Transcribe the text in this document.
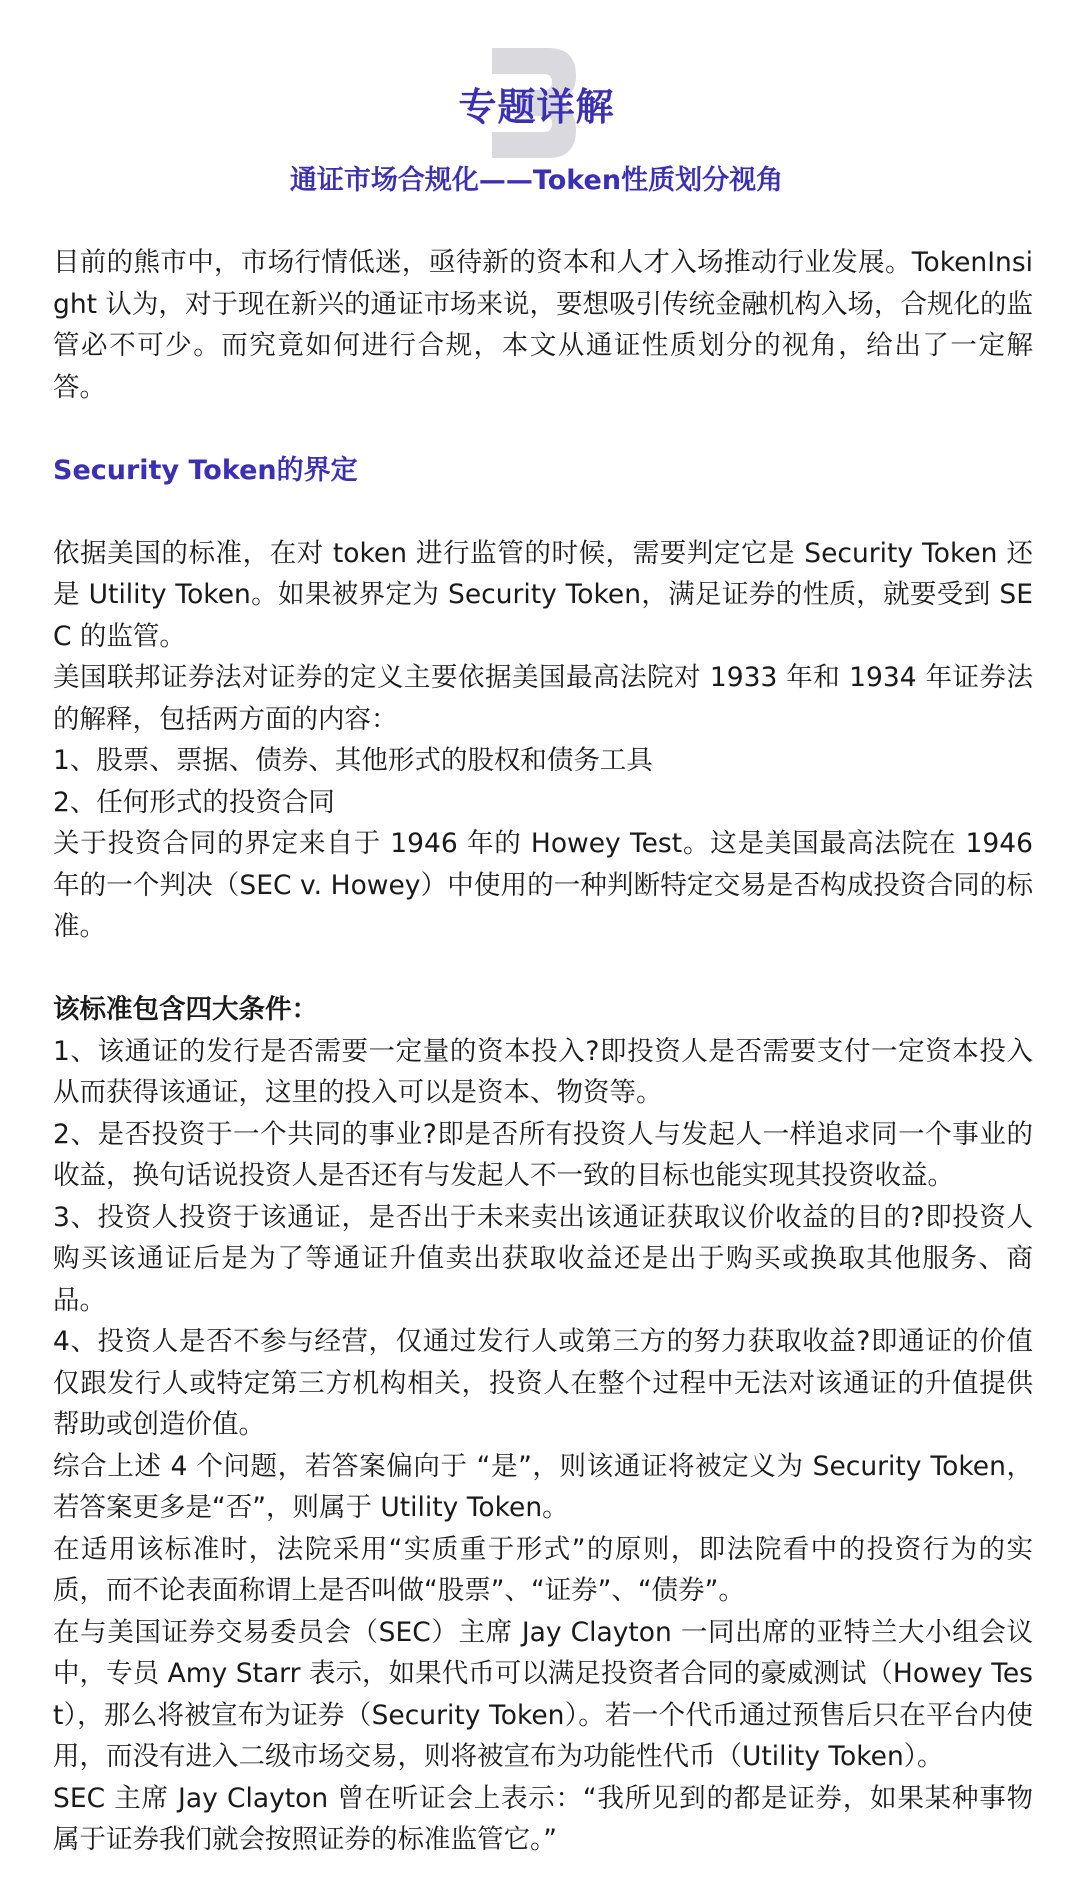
专题详解
通证市场合规化——Token性质划分视角

目前的熊市中，市场行情低迷，亟待新的资本和人才入场推动行业发展。TokenInsight 认为，对于现在新兴的通证市场来说，要想吸引传统金融机构入场，合规化的监管必不可少。而究竟如何进行合规，本文从通证性质划分的视角，给出了一定解答。

Security Token的界定

依据美国的标准，在对 token 进行监管的时候，需要判定它是 Security Token 还是 Utility Token。如果被界定为 Security Token，满足证券的性质，就要受到 SEC 的监管。

美国联邦证券法对证券的定义主要依据美国最高法院对 1933 年和 1934 年证券法的解释，包括两方面的内容：

1、股票、票据、债券、其他形式的股权和债务工具

2、任何形式的投资合同

关于投资合同的界定来自于 1946 年的 Howey Test。这是美国最高法院在 1946 年的一个判决（SEC v. Howey）中使用的一种判断特定交易是否构成投资合同的标准。

该标准包含四大条件：

1、该通证的发行是否需要一定量的资本投入?即投资人是否需要支付一定资本投入从而获得该通证，这里的投入可以是资本、物资等。

2、是否投资于一个共同的事业?即是否所有投资人与发起人一样追求同一个事业的收益，换句话说投资人是否还有与发起人不一致的目标也能实现其投资收益。

3、投资人投资于该通证，是否出于未来卖出该通证获取议价收益的目的?即投资人购买该通证后是为了等通证升值卖出获取收益还是出于购买或换取其他服务、商品。

4、投资人是否不参与经营，仅通过发行人或第三方的努力获取收益?即通证的价值仅跟发行人或特定第三方机构相关，投资人在整个过程中无法对该通证的升值提供帮助或创造价值。

综合上述 4 个问题，若答案偏向于 “是”，则该通证将被定义为 Security Token，若答案更多是“否”，则属于 Utility Token。

在适用该标准时，法院采用“实质重于形式”的原则，即法院看中的投资行为的实质，而不论表面称谓上是否叫做“股票”、“证券”、“债券”。

在与美国证券交易委员会（SEC）主席 Jay Clayton 一同出席的亚特兰大小组会议中，专员 Amy Starr 表示，如果代币可以满足投资者合同的豪威测试（Howey Test），那么将被宣布为证券（Security Token）。若一个代币通过预售后只在平台内使用，而没有进入二级市场交易，则将被宣布为功能性代币（Utility Token）。

SEC 主席 Jay Clayton 曾在听证会上表示：“我所见到的都是证券，如果某种事物属于证券我们就会按照证券的标准监管它。”
